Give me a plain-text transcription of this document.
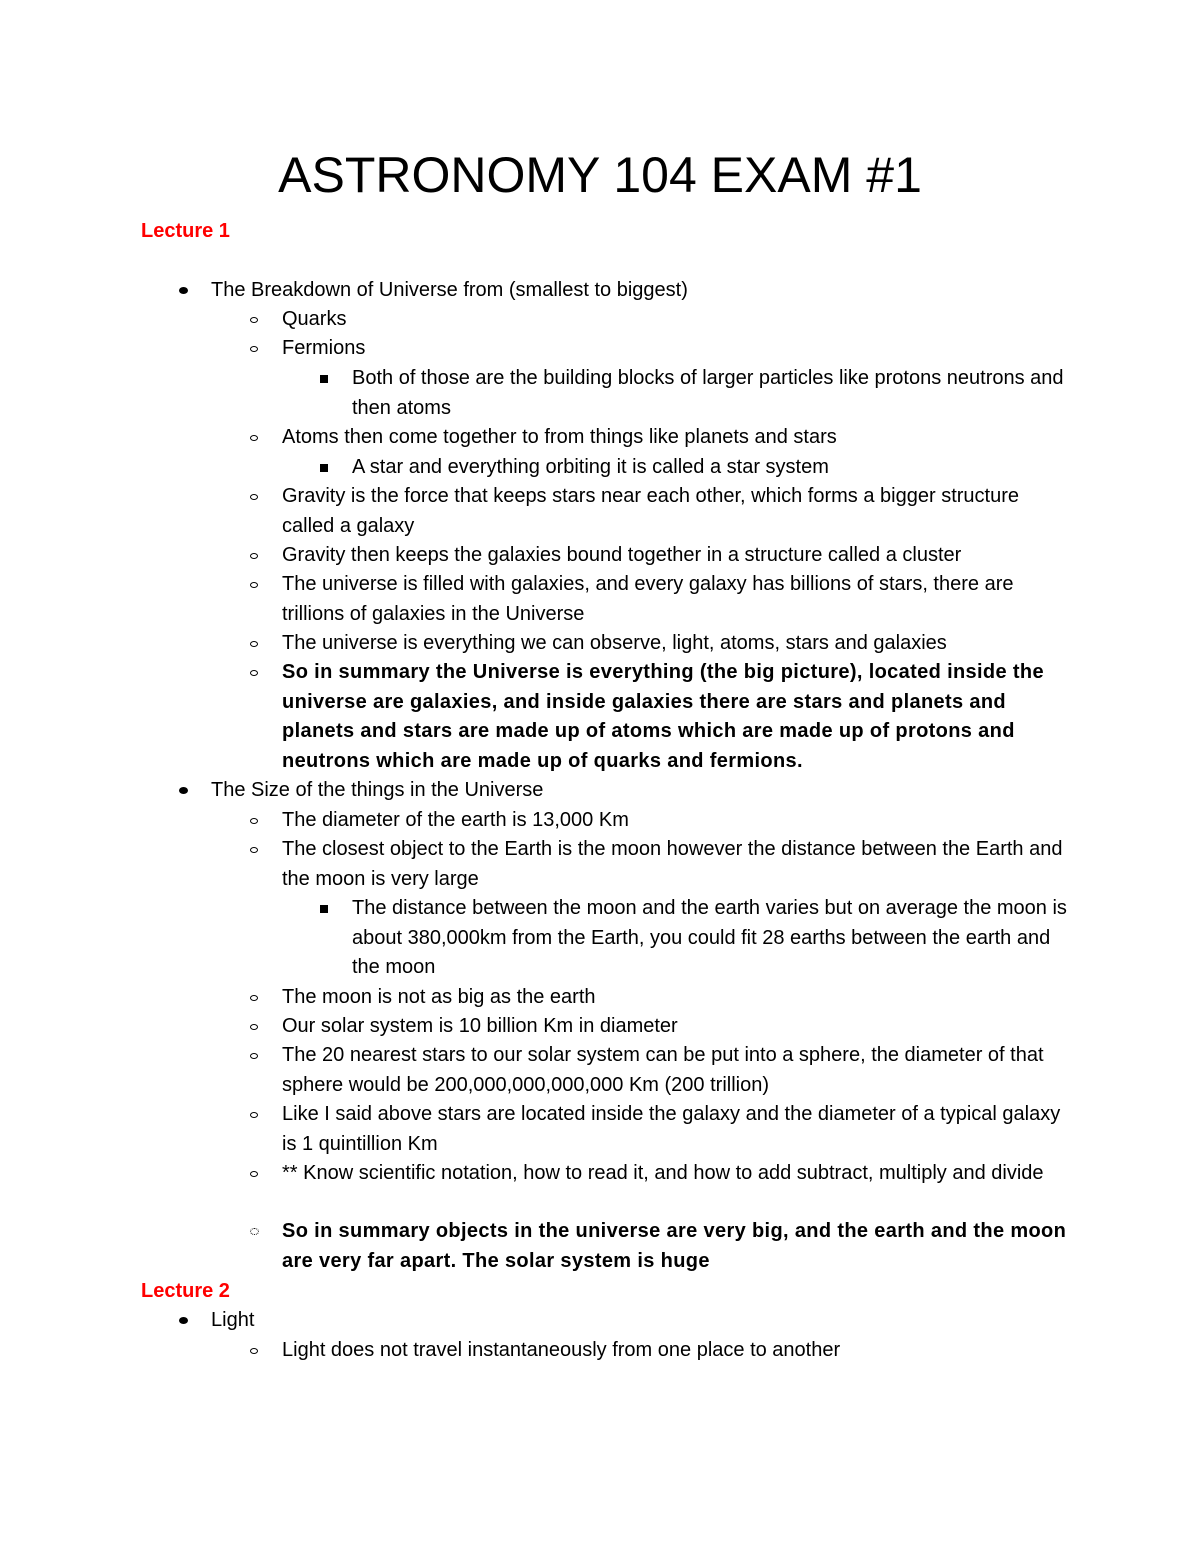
ASTRONOMY 104 EXAM #1
Lecture 1
The Breakdown of Universe from (smallest to biggest)
Quarks
Fermions
Both of those are the building blocks of larger particles like protons neutrons and then atoms
Atoms then come together to from things like planets and stars
A star and everything orbiting it is called a star system
Gravity is the force that keeps stars near each other, which forms a bigger structure called a galaxy
Gravity then keeps the galaxies bound together in a structure called a cluster
The universe is filled with galaxies, and every galaxy has billions of stars, there are trillions of galaxies in the Universe
The universe is everything we can observe, light, atoms, stars and galaxies
So in summary the Universe is everything (the big picture), located inside the universe are galaxies, and inside galaxies there are stars and planets and planets and stars are made up of atoms which are made up of protons and neutrons which are made up of quarks and fermions.
The Size of the things in the Universe
The diameter of the earth is 13,000 Km
The closest object to the Earth is the moon however the distance between the Earth and the moon is very large
The distance between the moon and the earth varies but on average the moon is about 380,000km from the Earth, you could fit 28 earths between the earth and the moon
The moon is not as big as the earth
Our solar system is 10 billion Km in diameter
The 20 nearest stars to our solar system can be put into a sphere, the diameter of that sphere would be 200,000,000,000,000 Km (200 trillion)
Like I said above stars are located inside the galaxy and the diameter of a typical galaxy is 1 quintillion Km
** Know scientific notation, how to read it, and how to add subtract, multiply and divide
So in summary objects in the universe are very big, and the earth and the moon are very far apart. The solar system is huge
Lecture 2
Light
Light does not travel instantaneously from one place to another
